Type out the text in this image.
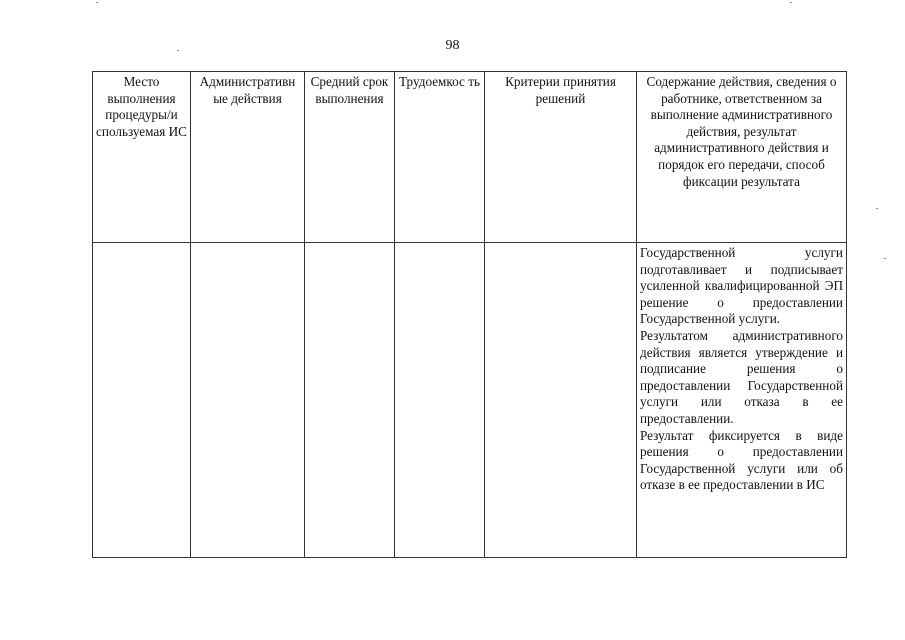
98
Место выполнения процедуры/и спользуемая ИС	Административн ые действия	Средний срок выполнения	Трудоемкос ть	Критерии принятия решений	Содержание действия, сведения о работнике, ответственном за выполнение административного действия, результат административного действия и порядок его передачи, способ фиксации результата

					Государственной услуги подготавливает и подписывает усиленной квалифицированной ЭП решение о предоставлении Государственной услуги.

Результатом административного действия является утверждение и подписание решения о предоставлении Государственной услуги или отказа в ее предоставлении.

Результат фиксируется в виде решения о предоставлении Государственной услуги или об отказе в ее предоставлении в ИС
